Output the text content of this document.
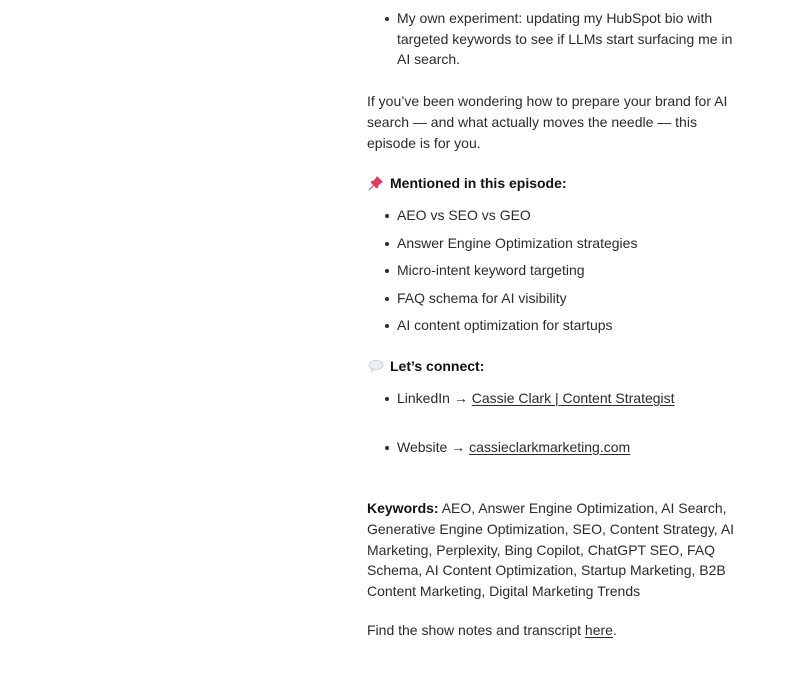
My own experiment: updating my HubSpot bio with targeted keywords to see if LLMs start surfacing me in AI search.

If you’ve been wondering how to prepare your brand for AI search — and what actually moves the needle — this episode is for you.

Mentioned in this episode:
AEO vs SEO vs GEO
Answer Engine Optimization strategies
Micro-intent keyword targeting
FAQ schema for AI visibility
AI content optimization for startups
Let’s connect:
LinkedIn → Cassie Clark | Content Strategist
Website → cassieclarkmarketing.com

Keywords: AEO, Answer Engine Optimization, AI Search, Generative Engine Optimization, SEO, Content Strategy, AI Marketing, Perplexity, Bing Copilot, ChatGPT SEO, FAQ Schema, AI Content Optimization, Startup Marketing, B2B Content Marketing, Digital Marketing Trends

Find the show notes and transcript here.
